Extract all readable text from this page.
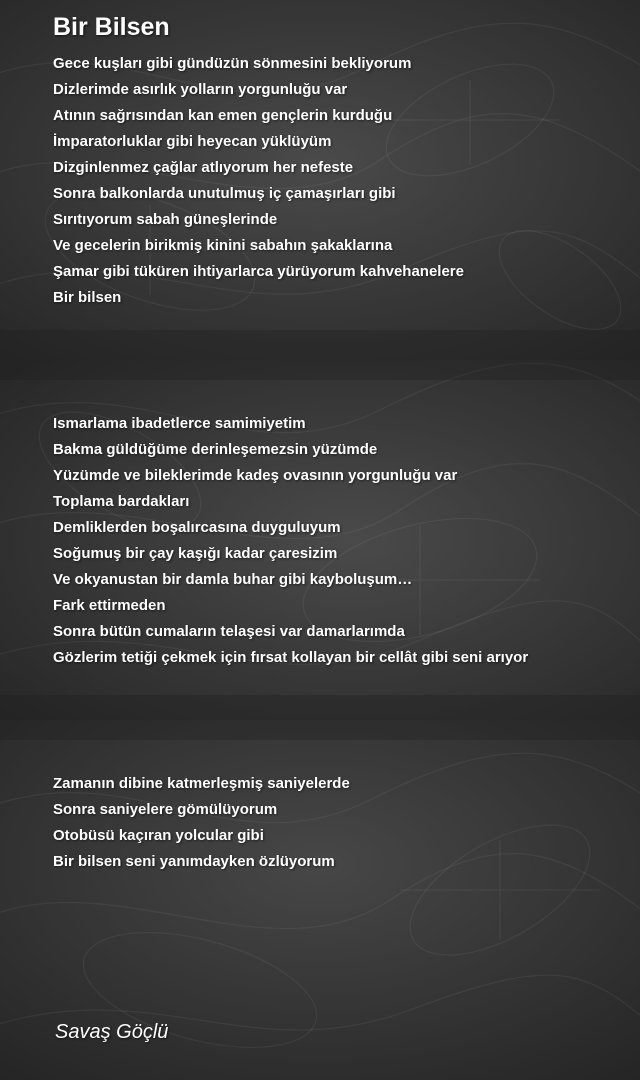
Bir Bilsen
Gece kuşları gibi gündüzün sönmesini bekliyorum
Dizlerimde asırlık yolların yorgunluğu var
Atının sağrısından kan emen gençlerin kurduğu
İmparatorluklar gibi heyecan yüklüyüm
Dizginlenmez çağlar atlıyorum her nefeste
Sonra balkonlarda unutulmuş iç çamaşırları gibi
Sırıtıyorum sabah güneşlerinde
Ve gecelerin birikmiş kinini sabahın şakaklarına
Şamar gibi tüküren ihtiyarlarca yürüyorum kahvehanelere
Bir bilsen
Ismarlama ibadetlerce samimiyetim
Bakma güldüğüme derinleşemezsin yüzümde
Yüzümde ve bileklerimde kadeş ovasının yorgunluğu var
Toplama bardakları
Demliklerden boşalırcasına duyguluyum
Soğumuş bir çay kaşığı kadar çaresizim
Ve okyanustan bir damla buhar gibi kayboluşum…
Fark ettirmeden
Sonra bütün cumaların telaşesi var damarlarımda
Gözlerim tetiği çekmek için fırsat kollayan bir cellât gibi seni arıyor
Zamanın dibine katmerleşmiş saniyelerde
Sonra saniyelere gömülüyorum
Otobüsü kaçıran yolcular gibi
Bir bilsen seni yanımdayken özlüyorum
Savaş Göçlü
